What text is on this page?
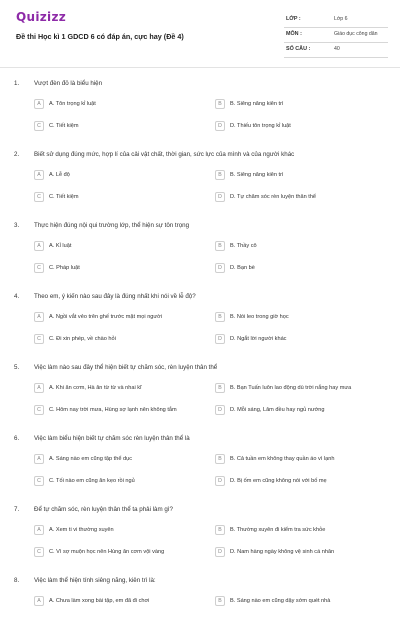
Quizizz
Đề thi Học kì 1 GDCD 6 có đáp án, cực hay (Đề 4)
LỚP :	Lớp 6
MÔN :	Giáo dục công dân
SỐ CÂU :	40
1. Vượt đèn đỏ là biểu hiện
A	A. Tôn trọng kỉ luật	B	B. Siêng năng kiên trì
C	C. Tiết kiệm	D	D. Thiếu tôn trọng kỉ luật
2. Biết sử dụng đúng mức, hợp lí của cải vật chất, thời gian, sức lực của mình và của người khác
A	A. Lễ độ	B	B. Siêng năng kiên trì
C	C. Tiết kiệm	D	D. Tự chăm sóc rèn luyện thân thể
3. Thực hiện đúng nội qui trường lớp, thể hiện sự tôn trọng
A	A. Kỉ luật	B	B. Thầy cô
C	C. Pháp luật	D	D. Bạn bè
4. Theo em, ý kiến nào sau đây là đúng nhất khi nói về lễ độ?
A	A. Ngồi vắt vẻo trên ghế trước mặt mọi người	B	B. Nói leo trong giờ học
C	C. Đi xin phép, về chào hỏi	D	D. Ngắt lời người khác
5. Việc làm nào sau đây thể hiện biết tự chăm sóc, rèn luyện thân thể
A	A. Khi ăn cơm, Hà ăn từ từ và nhai kĩ	B	B. Bạn Tuấn luôn lao động dù trời nắng hay mưa
C	C. Hôm nay trời mưa, Hùng sợ lạnh nên không tắm	D	D. Mỗi sáng, Lâm đều hay ngủ nướng
6. Việc làm biểu hiện biết tự chăm sóc rèn luyện thân thể là
A	A. Sáng nào em cũng tập thể dục	B	B. Cả tuần em không thay quần áo vì lạnh
C	C. Tối nào em cũng ăn kẹo rồi ngủ	D	D. Bị ốm em cũng không nói với bố mẹ
7. Để tự chăm sóc, rèn luyện thân thể ta phải làm gì?
A	A. Xem ti vi thường xuyên	B	B. Thường xuyên đi kiểm tra sức khỏe
C	C. Vì sợ muộn học nên Hùng ăn cơm vội vàng	D	D. Nam hàng ngày không vệ sinh cá nhân
8. Việc làm thể hiện tính siêng năng, kiên trì là:
A	A. Chưa làm xong bài tập, em đã đi chơi	B	B. Sáng nào em cũng dậy sớm quét nhà
